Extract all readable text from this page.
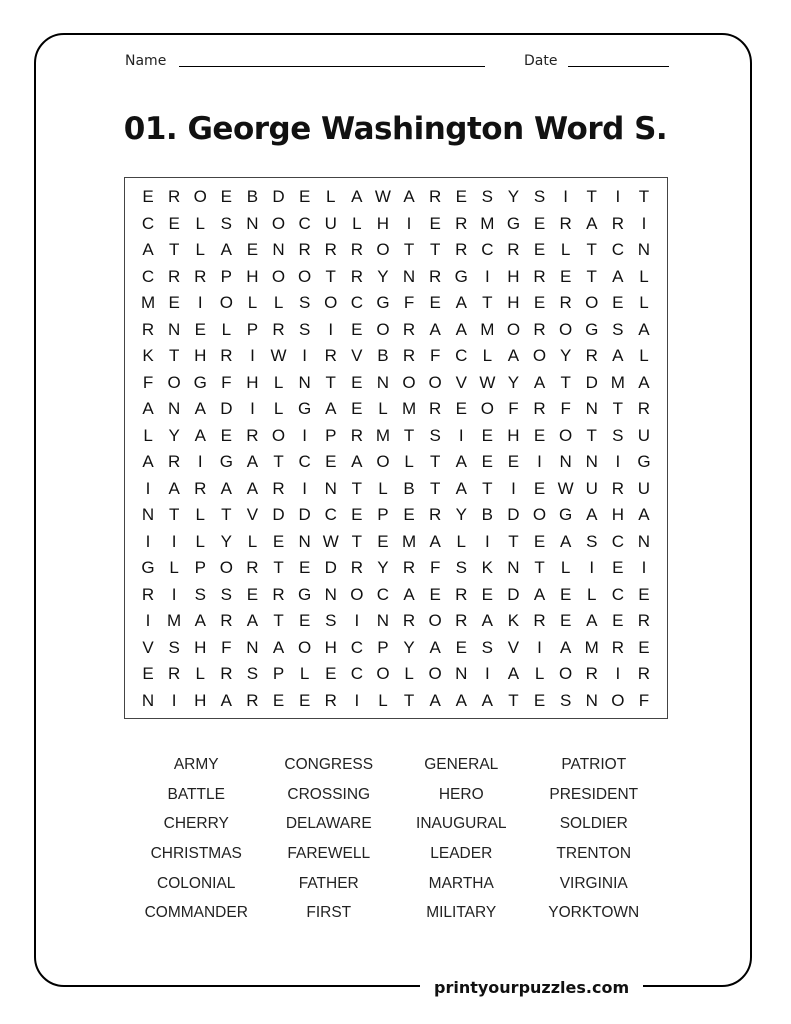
Name	Date
01. George Washington Word S.
E R O E B D E L A W A R E S Y S	I	T	I	T
C E L S N O C U L H	I	E R M G E R A R	I
A T L A E N R R R O T T R C R E L T C N
C R R P H O O T R Y N R G	I	H R E T A L
M E	I	O L L S O C G F E A T H E R O E L
R N E L P R S	I	E O R A A M O R O G S A
K T H R	I W I	R V B R F C L A O Y R A L
F O G F H L N T E N O O V W Y A T D M A
A N A D	I	L G A E L M R E O F R F N T R
L Y A E R O	I	P R M T S	I	E H E O T S U
A R	I	G A T C E A O L T A E E	I	N N	I	G
I	A R A A R	I	N T L B T A T	I	E W U R U
N T L T V D D C E P E R Y B D O G A H A
I	I	L Y L E N W T E M A L	I	T E A S C N
G L P O R T E D R Y R F S K N T L	I	E	I
R	I	S S E R G N O C A E R E D A E L C E
I M A R A T E S	I	N R O R A K R E A E R
V S H F N A O H C P Y A E S V	I	A M R E
E R L R S P L E C O L O N	I	A L O R	I	R
N	I	H A R E E R	I	L T A A A T E S N O F
ARMY	CONGRESS	GENERAL	PATRIOT
BATTLE	CROSSING	HERO	PRESIDENT
CHERRY	DELAWARE	INAUGURAL	SOLDIER
CHRISTMAS	FAREWELL	LEADER	TRENTON
COLONIAL	FATHER	MARTHA	VIRGINIA
COMMANDER	FIRST	MILITARY	YORKTOWN
printyourpuzzles.com
